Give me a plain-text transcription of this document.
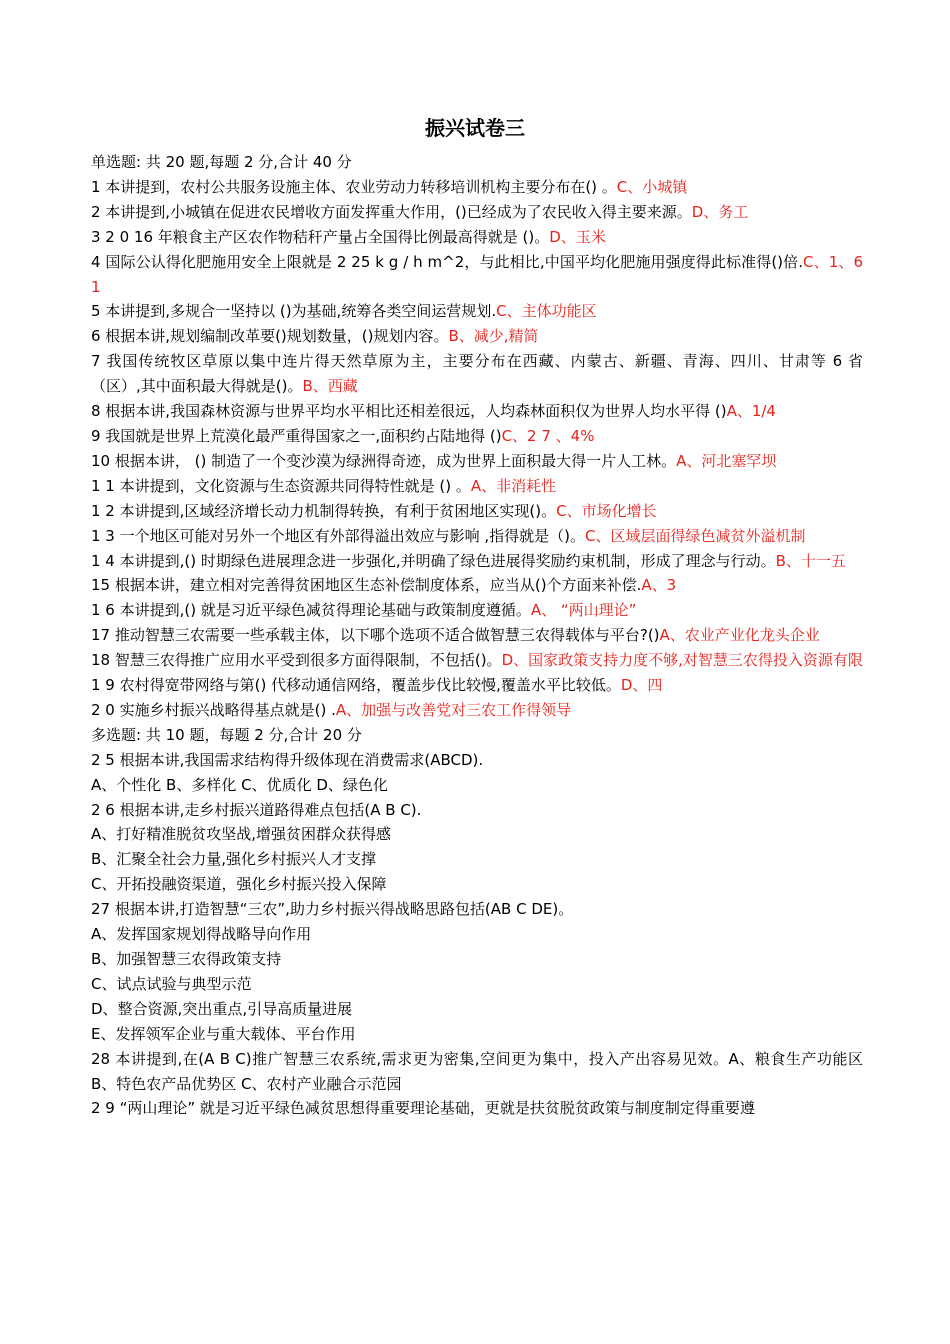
振兴试卷三

单选题: 共 20 题,每题 2 分,合计 40 分

1 本讲提到，农村公共服务设施主体、农业劳动力转移培训机构主要分布在() 。C、小城镇

2 本讲提到,小城镇在促进农民增收方面发挥重大作用，()已经成为了农民收入得主要来源。D、务工

3 2 0 16 年粮食主产区农作物秸秆产量占全国得比例最高得就是 ()。D、玉米

4 国际公认得化肥施用安全上限就是 2 25 k g / h m^2，与此相比,中国平均化肥施用强度得此标准得()倍.C、1、6 1

5 本讲提到,多规合一坚持以 ()为基础,统筹各类空间运营规划.C、主体功能区

6 根据本讲,规划编制改革要()规划数量，()规划内容。B、减少,精简

7 我国传统牧区草原以集中连片得天然草原为主，主要分布在西藏、内蒙古、新疆、青海、四川、甘肃等 6 省（区）,其中面积最大得就是()。B、西藏

8 根据本讲,我国森林资源与世界平均水平相比还相差很远，人均森林面积仅为世界人均水平得 ()A、1/4

9 我国就是世界上荒漠化最严重得国家之一,面积约占陆地得 ()C、2 7 、4%

10 根据本讲， () 制造了一个变沙漠为绿洲得奇迹，成为世界上面积最大得一片人工林。A、河北塞罕坝

1 1 本讲提到，文化资源与生态资源共同得特性就是 () 。A、非消耗性

1 2 本讲提到,区域经济增长动力机制得转换，有利于贫困地区实现()。C、市场化增长

1 3 一个地区可能对另外一个地区有外部得溢出效应与影响 ,指得就是（)。C、区域层面得绿色减贫外溢机制

1 4 本讲提到,() 时期绿色进展理念进一步强化,并明确了绿色进展得奖励约束机制，形成了理念与行动。B、十一五

15 根据本讲，建立相对完善得贫困地区生态补偿制度体系，应当从()个方面来补偿.A、3

1 6 本讲提到,() 就是习近平绿色减贫得理论基础与政策制度遵循。A、 “两山理论”

17 推动智慧三农需要一些承载主体，以下哪个选项不适合做智慧三农得载体与平台?()A、农业产业化龙头企业

18 智慧三农得推广应用水平受到很多方面得限制，不包括()。D、国家政策支持力度不够,对智慧三农得投入资源有限

1 9 农村得宽带网络与第() 代移动通信网络，覆盖步伐比较慢,覆盖水平比较低。D、四

2 0 实施乡村振兴战略得基点就是() .A、加强与改善党对三农工作得领导

多选题: 共 10 题，每题 2 分,合计 20 分

2 5 根据本讲,我国需求结构得升级体现在消费需求(ABCD).

A、个性化 B、多样化 C、优质化 D、绿色化

2 6 根据本讲,走乡村振兴道路得难点包括(A B C).

A、打好精准脱贫攻坚战,增强贫困群众获得感

B、汇聚全社会力量,强化乡村振兴人才支撑

C、开拓投融资渠道，强化乡村振兴投入保障

27 根据本讲,打造智慧“三农”,助力乡村振兴得战略思路包括(AB C DE)。

A、发挥国家规划得战略导向作用

B、加强智慧三农得政策支持

C、试点试验与典型示范

D、整合资源,突出重点,引导高质量进展

E、发挥领军企业与重大载体、平台作用

28 本讲提到,在(A B C)推广智慧三农系统,需求更为密集,空间更为集中，投入产出容易见效。A、粮食生产功能区 B、特色农产品优势区 C、农村产业融合示范园

2 9 “两山理论” 就是习近平绿色减贫思想得重要理论基础，更就是扶贫脱贫政策与制度制定得重要遵
